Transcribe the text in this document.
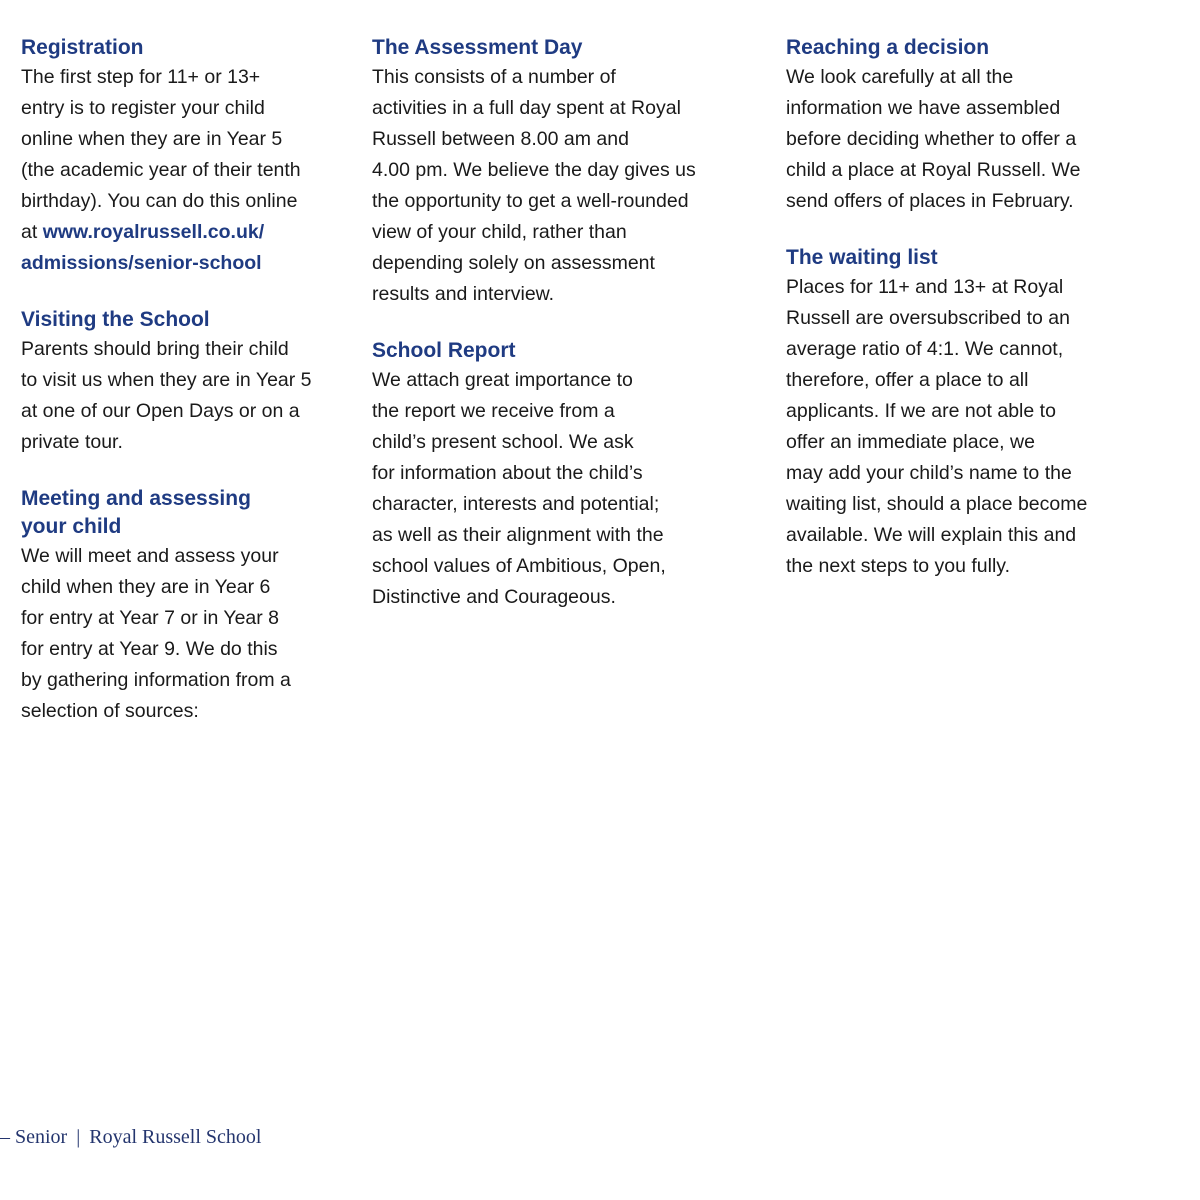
Registration

The first step for 11+ or 13+
entry is to register your child
online when they are in Year 5
(the academic year of their tenth
birthday). You can do this online
at www.royalrussell.co.uk/
admissions/senior-school

Visiting the School

Parents should bring their child
to visit us when they are in Year 5
at one of our Open Days or on a
private tour.

Meeting and assessing
your child

We will meet and assess your
child when they are in Year 6
for entry at Year 7 or in Year 8
for entry at Year 9. We do this
by gathering information from a
selection of sources:

The Assessment Day

This consists of a number of
activities in a full day spent at Royal
Russell between 8.00 am and
4.00 pm. We believe the day gives us
the opportunity to get a well-rounded
view of your child, rather than
depending solely on assessment
results and interview.

School Report

We attach great importance to
the report we receive from a
child’s present school. We ask
for information about the child’s
character, interests and potential;
as well as their alignment with the
school values of Ambitious, Open,
Distinctive and Courageous.

Reaching a decision

We look carefully at all the
information we have assembled
before deciding whether to offer a
child a place at Royal Russell. We
send offers of places in February.

The waiting list

Places for 11+ and 13+ at Royal
Russell are oversubscribed to an
average ratio of 4:1. We cannot,
therefore, offer a place to all
applicants. If we are not able to
offer an immediate place, we
may add your child’s name to the
waiting list, should a place become
available. We will explain this and
the next steps to you fully.

– Senior | Royal Russell School
